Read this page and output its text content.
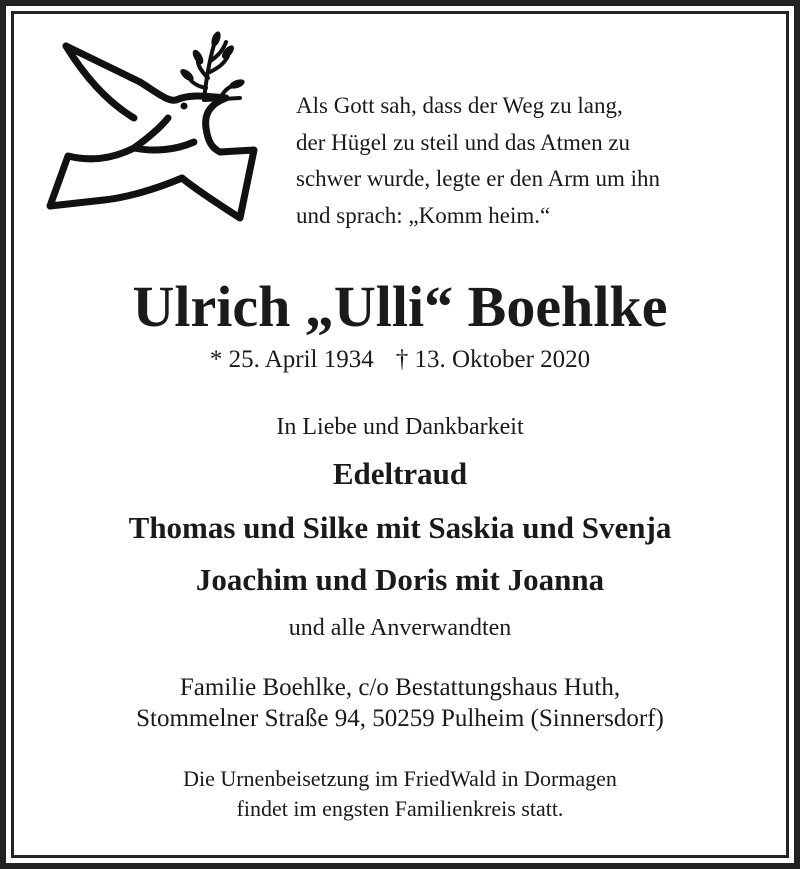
Als Gott sah, dass der Weg zu lang,
der Hügel zu steil und das Atmen zu
schwer wurde, legte er den Arm um ihn
und sprach: „Komm heim.“
Ulrich „Ulli“ Boehlke
* 25. April 1934 † 13. Oktober 2020
In Liebe und Dankbarkeit
Edeltraud
Thomas und Silke mit Saskia und Svenja
Joachim und Doris mit Joanna
und alle Anverwandten
Familie Boehlke, c/o Bestattungshaus Huth,
Stommelner Straße 94, 50259 Pulheim (Sinnersdorf)
Die Urnenbeisetzung im FriedWald in Dormagen
findet im engsten Familienkreis statt.
